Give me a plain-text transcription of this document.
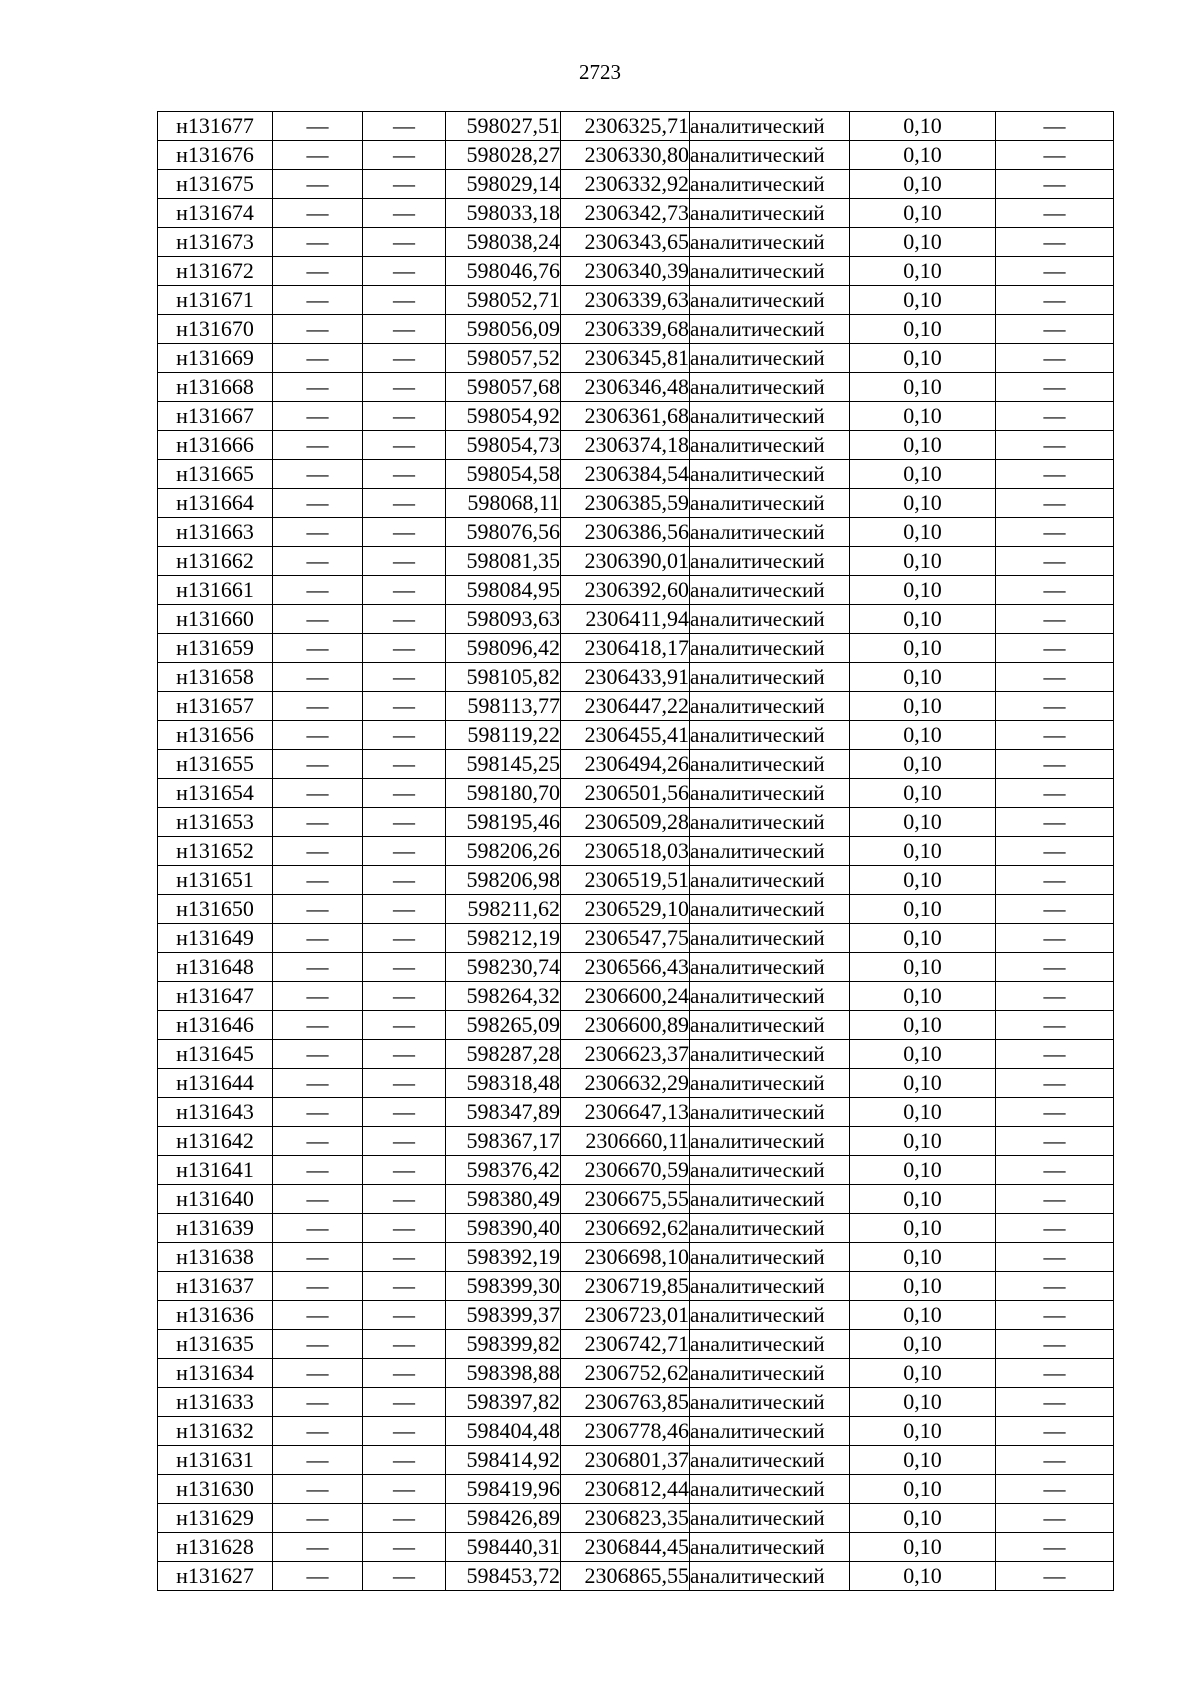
2723
н131677	—	—	598027,51	2306325,71	аналитический	0,10	—
н131676	—	—	598028,27	2306330,80	аналитический	0,10	—
н131675	—	—	598029,14	2306332,92	аналитический	0,10	—
н131674	—	—	598033,18	2306342,73	аналитический	0,10	—
н131673	—	—	598038,24	2306343,65	аналитический	0,10	—
н131672	—	—	598046,76	2306340,39	аналитический	0,10	—
н131671	—	—	598052,71	2306339,63	аналитический	0,10	—
н131670	—	—	598056,09	2306339,68	аналитический	0,10	—
н131669	—	—	598057,52	2306345,81	аналитический	0,10	—
н131668	—	—	598057,68	2306346,48	аналитический	0,10	—
н131667	—	—	598054,92	2306361,68	аналитический	0,10	—
н131666	—	—	598054,73	2306374,18	аналитический	0,10	—
н131665	—	—	598054,58	2306384,54	аналитический	0,10	—
н131664	—	—	598068,11	2306385,59	аналитический	0,10	—
н131663	—	—	598076,56	2306386,56	аналитический	0,10	—
н131662	—	—	598081,35	2306390,01	аналитический	0,10	—
н131661	—	—	598084,95	2306392,60	аналитический	0,10	—
н131660	—	—	598093,63	2306411,94	аналитический	0,10	—
н131659	—	—	598096,42	2306418,17	аналитический	0,10	—
н131658	—	—	598105,82	2306433,91	аналитический	0,10	—
н131657	—	—	598113,77	2306447,22	аналитический	0,10	—
н131656	—	—	598119,22	2306455,41	аналитический	0,10	—
н131655	—	—	598145,25	2306494,26	аналитический	0,10	—
н131654	—	—	598180,70	2306501,56	аналитический	0,10	—
н131653	—	—	598195,46	2306509,28	аналитический	0,10	—
н131652	—	—	598206,26	2306518,03	аналитический	0,10	—
н131651	—	—	598206,98	2306519,51	аналитический	0,10	—
н131650	—	—	598211,62	2306529,10	аналитический	0,10	—
н131649	—	—	598212,19	2306547,75	аналитический	0,10	—
н131648	—	—	598230,74	2306566,43	аналитический	0,10	—
н131647	—	—	598264,32	2306600,24	аналитический	0,10	—
н131646	—	—	598265,09	2306600,89	аналитический	0,10	—
н131645	—	—	598287,28	2306623,37	аналитический	0,10	—
н131644	—	—	598318,48	2306632,29	аналитический	0,10	—
н131643	—	—	598347,89	2306647,13	аналитический	0,10	—
н131642	—	—	598367,17	2306660,11	аналитический	0,10	—
н131641	—	—	598376,42	2306670,59	аналитический	0,10	—
н131640	—	—	598380,49	2306675,55	аналитический	0,10	—
н131639	—	—	598390,40	2306692,62	аналитический	0,10	—
н131638	—	—	598392,19	2306698,10	аналитический	0,10	—
н131637	—	—	598399,30	2306719,85	аналитический	0,10	—
н131636	—	—	598399,37	2306723,01	аналитический	0,10	—
н131635	—	—	598399,82	2306742,71	аналитический	0,10	—
н131634	—	—	598398,88	2306752,62	аналитический	0,10	—
н131633	—	—	598397,82	2306763,85	аналитический	0,10	—
н131632	—	—	598404,48	2306778,46	аналитический	0,10	—
н131631	—	—	598414,92	2306801,37	аналитический	0,10	—
н131630	—	—	598419,96	2306812,44	аналитический	0,10	—
н131629	—	—	598426,89	2306823,35	аналитический	0,10	—
н131628	—	—	598440,31	2306844,45	аналитический	0,10	—
н131627	—	—	598453,72	2306865,55	аналитический	0,10	—
